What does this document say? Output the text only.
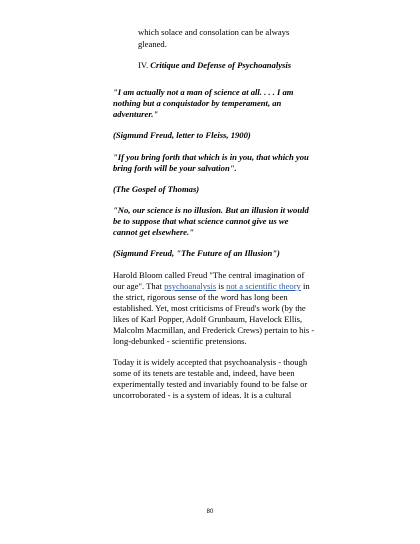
which solace and consolation can be always
gleaned.
IV. Critique and Defense of Psychoanalysis
"I am actually not a man of science at all. . . . I am
nothing but a conquistador by temperament, an
adventurer."
(Sigmund Freud, letter to Fleiss, 1900)
"If you bring forth that which is in you, that which you
bring forth will be your salvation".
(The Gospel of Thomas)
"No, our science is no illusion. But an illusion it would
be to suppose that what science cannot give us we
cannot get elsewhere."
(Sigmund Freud, "The Future of an Illusion")
Harold Bloom called Freud "The central imagination of
our age". That psychoanalysis is not a scientific theory in
the strict, rigorous sense of the word has long been
established. Yet, most criticisms of Freud's work (by the
likes of Karl Popper, Adolf Grunbaum, Havelock Ellis,
Malcolm Macmillan, and Frederick Crews) pertain to his -
long-debunked - scientific pretensions.
Today it is widely accepted that psychoanalysis - though
some of its tenets are testable and, indeed, have been
experimentally tested and invariably found to be false or
uncorroborated - is a system of ideas. It is a cultural
80
